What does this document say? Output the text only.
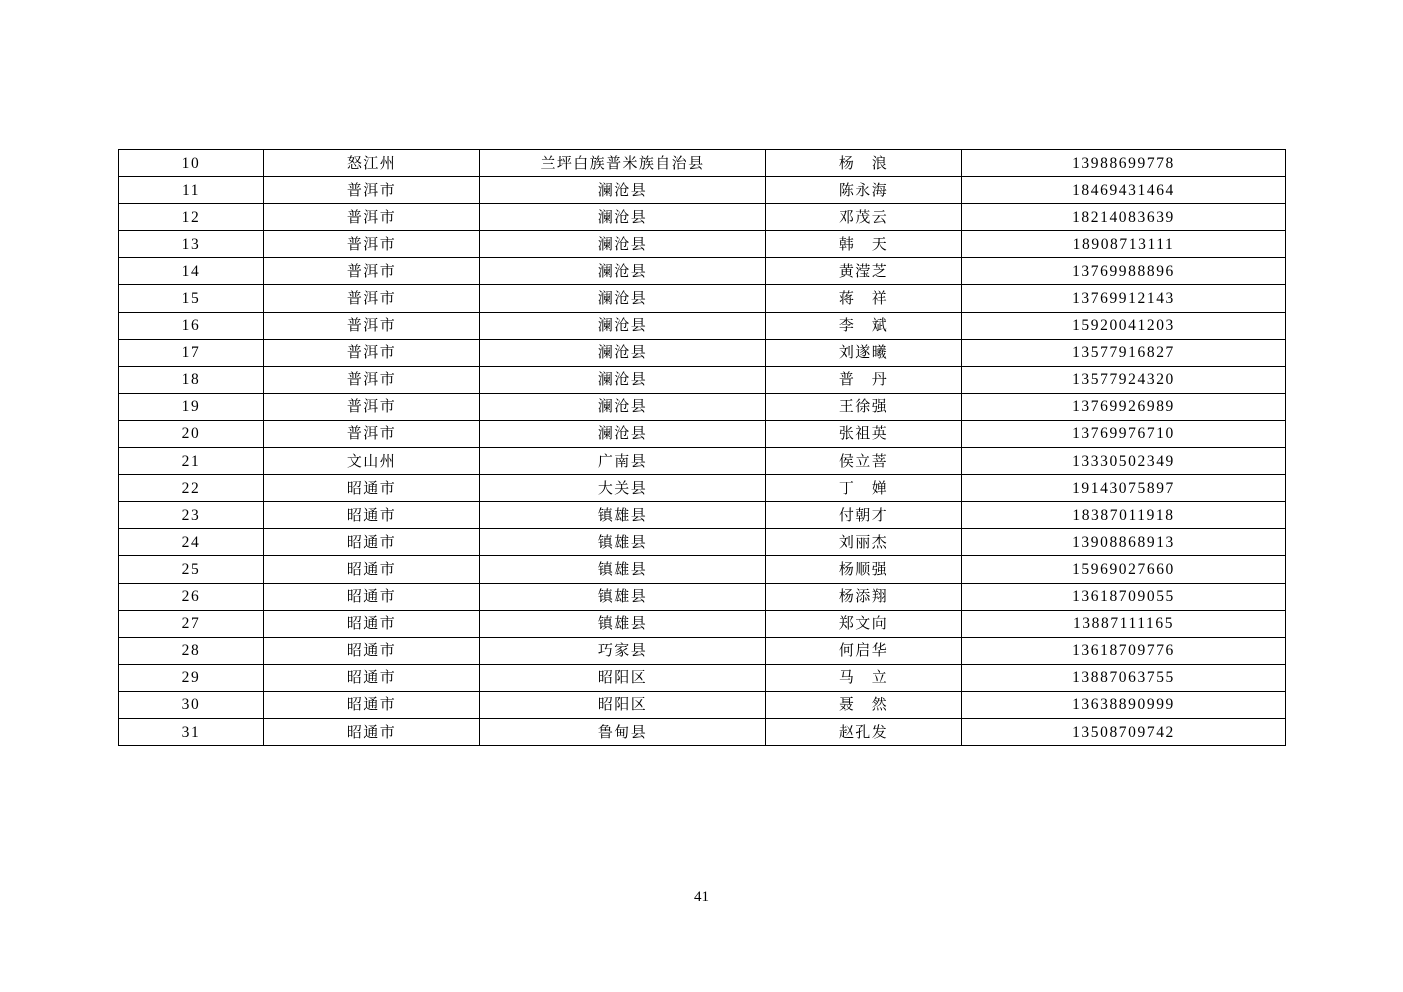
10	怒江州	兰坪白族普米族自治县	杨　浪	13988699778
11	普洱市	澜沧县	陈永海	18469431464
12	普洱市	澜沧县	邓茂云	18214083639
13	普洱市	澜沧县	韩　天	18908713111
14	普洱市	澜沧县	黄滢芝	13769988896
15	普洱市	澜沧县	蒋　祥	13769912143
16	普洱市	澜沧县	李　斌	15920041203
17	普洱市	澜沧县	刘遂曦	13577916827
18	普洱市	澜沧县	普　丹	13577924320
19	普洱市	澜沧县	王徐强	13769926989
20	普洱市	澜沧县	张祖英	13769976710
21	文山州	广南县	侯立菩	13330502349
22	昭通市	大关县	丁　婵	19143075897
23	昭通市	镇雄县	付朝才	18387011918
24	昭通市	镇雄县	刘丽杰	13908868913
25	昭通市	镇雄县	杨顺强	15969027660
26	昭通市	镇雄县	杨添翔	13618709055
27	昭通市	镇雄县	郑文向	13887111165
28	昭通市	巧家县	何启华	13618709776
29	昭通市	昭阳区	马　立	13887063755
30	昭通市	昭阳区	聂　然	13638890999
31	昭通市	鲁甸县	赵孔发	13508709742
41
